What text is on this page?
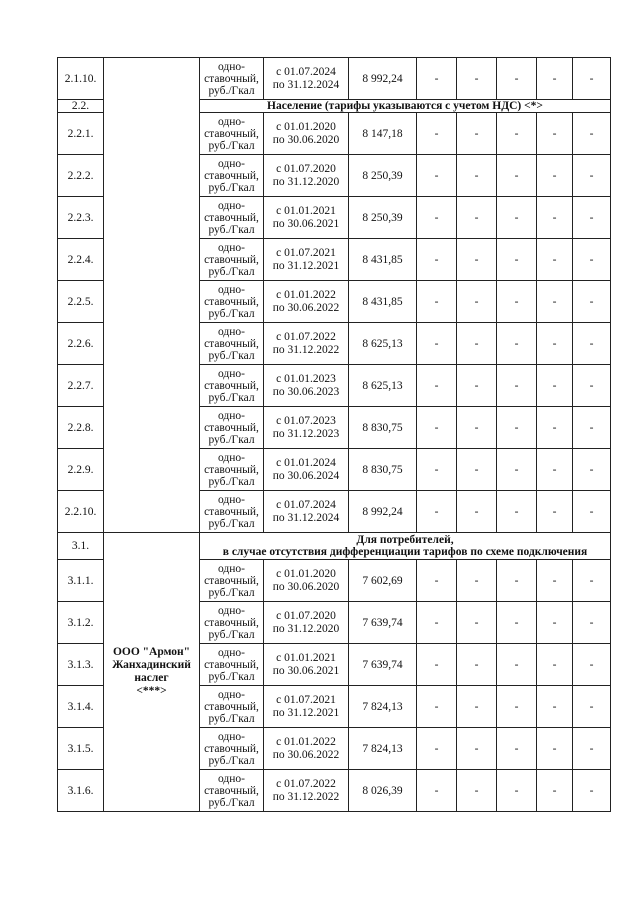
2.1.10.		одно-
ставочный,
руб./Гкал	с 01.07.2024
по 31.12.2024	8 992,24	-	-	-	-	-
2.2.		Население (тарифы указываются с учетом НДС) <*>							
2.2.1.		одно-
ставочный,
руб./Гкал	с 01.01.2020
по 30.06.2020	8 147,18	-	-	-	-	-
2.2.2.		одно-
ставочный,
руб./Гкал	с 01.07.2020
по 31.12.2020	8 250,39	-	-	-	-	-
2.2.3.		одно-
ставочный,
руб./Гкал	с 01.01.2021
по 30.06.2021	8 250,39	-	-	-	-	-
2.2.4.		одно-
ставочный,
руб./Гкал	с 01.07.2021
по 31.12.2021	8 431,85	-	-	-	-	-
2.2.5.		одно-
ставочный,
руб./Гкал	с 01.01.2022
по 30.06.2022	8 431,85	-	-	-	-	-
2.2.6.		одно-
ставочный,
руб./Гкал	с 01.07.2022
по 31.12.2022	8 625,13	-	-	-	-	-
2.2.7.		одно-
ставочный,
руб./Гкал	с 01.01.2023
по 30.06.2023	8 625,13	-	-	-	-	-
2.2.8.		одно-
ставочный,
руб./Гкал	с 01.07.2023
по 31.12.2023	8 830,75	-	-	-	-	-
2.2.9.		одно-
ставочный,
руб./Гкал	с 01.01.2024
по 30.06.2024	8 830,75	-	-	-	-	-
2.2.10.		одно-
ставочный,
руб./Гкал	с 01.07.2024
по 31.12.2024	8 992,24	-	-	-	-	-
3.1.	ООО "Армон"
Жанхадинский
наслег
<***>	Для потребителей,
в случае отсутствия дифференциации тарифов по схеме подключения							
3.1.1.		одно-
ставочный,
руб./Гкал	с 01.01.2020
по 30.06.2020	7 602,69	-	-	-	-	-
3.1.2.		одно-
ставочный,
руб./Гкал	с 01.07.2020
по 31.12.2020	7 639,74	-	-	-	-	-
3.1.3.		одно-
ставочный,
руб./Гкал	с 01.01.2021
по 30.06.2021	7 639,74	-	-	-	-	-
3.1.4.		одно-
ставочный,
руб./Гкал	с 01.07.2021
по 31.12.2021	7 824,13	-	-	-	-	-
3.1.5.		одно-
ставочный,
руб./Гкал	с 01.01.2022
по 30.06.2022	7 824,13	-	-	-	-	-
3.1.6.		одно-
ставочный,
руб./Гкал	с 01.07.2022
по 31.12.2022	8 026,39	-	-	-	-	-
